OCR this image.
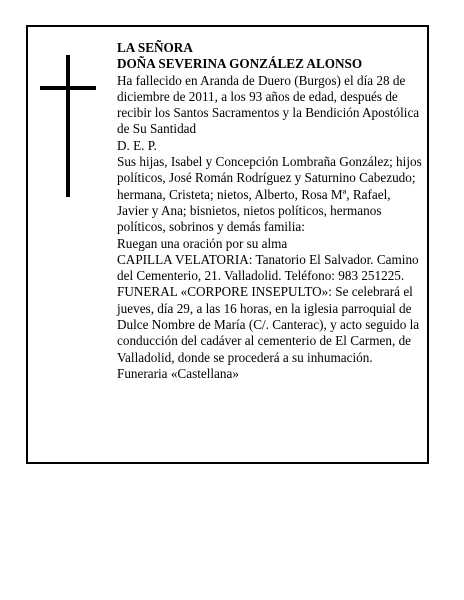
LA SEÑORA

DOÑA SEVERINA GONZÁLEZ ALONSO

Ha fallecido en Aranda de Duero (Burgos) el día 28 de diciembre de 2011, a los 93 años de edad, después de recibir los Santos Sacramentos y la Bendición Apostólica de Su Santidad

D. E. P.

Sus hijas, Isabel y Concepción Lombraña González; hijos políticos, José Román Rodríguez y Saturnino Cabezudo; hermana, Cristeta; nietos, Alberto, Rosa Mª, Rafael, Javier y Ana; bisnietos, nietos políticos, hermanos políticos, sobrinos y demás familia:

Ruegan una oración por su alma

CAPILLA VELATORIA: Tanatorio El Salvador. Camino del Cementerio, 21. Valladolid. Teléfono: 983 251225.

FUNERAL «CORPORE INSEPULTO»: Se celebrará el jueves, día 29, a las 16 horas, en la iglesia parroquial de Dulce Nombre de María (C/. Canterac), y acto seguido la conducción del cadáver al cementerio de El Carmen, de Valladolid, donde se procederá a su inhumación.

Funeraria «Castellana»
